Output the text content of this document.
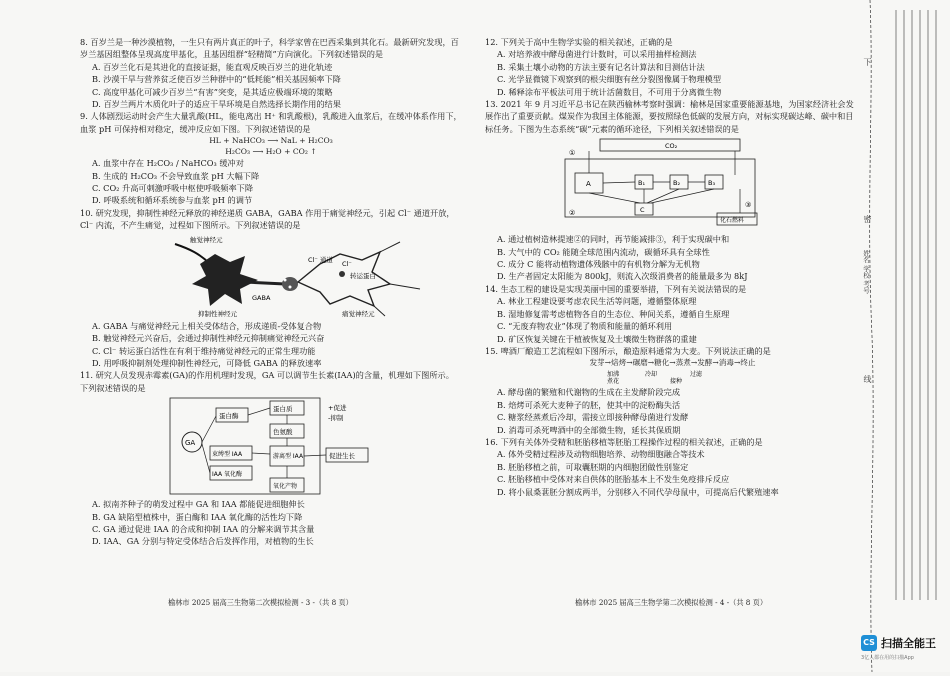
8. 百岁兰是一种沙漠植物，一生只有两片真正的叶子，科学家曾在巴西采集到其化石。最新研究发现，百岁兰基因组整体呈现高度甲基化，且基因组群“轻精简”方向演化。下列叙述错误的是

A. 百岁兰化石是其进化的直接证据，能直观反映百岁兰的进化轨迹

B. 沙漠干旱与营养贫乏使百岁兰种群中的“低耗能”相关基因频率下降

C. 高度甲基化可减少百岁兰“有害”突变，是其适应极端环境的策略

D. 百岁兰两片木质化叶子的适应干旱环境是自然选择长期作用的结果

9. 人体剧烈运动时会产生大量乳酸(HL，能电离出 H⁺ 和乳酸根)，乳酸进入血浆后，在缓冲体系作用下，血浆 pH 可保持相对稳定，缓冲反应如下图。下列叙述错误的是

HL + NaHCO₃ ⟶ NaL + H₂CO₃

H₂CO₃ ⟶ H₂O + CO₂ ↑

A. 血浆中存在 H₂CO₃ / NaHCO₃ 缓冲对

B. 生成的 H₂CO₃ 不会导致血浆 pH 大幅下降

C. CO₂ 升高可刺激呼吸中枢使呼吸频率下降

D. 呼吸系统和循环系统参与血浆 pH 的调节

10. 研究发现，抑制性神经元释放的神经递质 GABA，GABA 作用于痛觉神经元，引起 Cl⁻ 通道开放，Cl⁻ 内流，不产生痛觉，过程如下图所示。下列叙述错误的是

触觉神经元
GABA
抑制性神经元
Cl⁻ 通道 Cl⁻
转运蛋白
痛觉神经元

A. GABA 与痛觉神经元上相关受体结合，形成递质-受体复合物

B. 触觉神经元兴奋后，会通过抑制性神经元抑制痛觉神经元兴奋

C. Cl⁻ 转运蛋白活性在有利于维持痛觉神经元的正常生理功能

D. 用呼吸抑制剂处理抑制性神经元，可降低 GABA 的释放速率

11. 研究人员发现赤霉素(GA)的作用机理时发现，GA 可以调节生长素(IAA)的含量，机理如下图所示。下列叙述错误的是

GA
蛋白酶
蛋白质
色氨酸
束缚型 IAA	游离型 IAA	促进生长
IAA 氧化酶
氧化产物
+促进
-抑制

A. 拟南芥种子的萌发过程中 GA 和 IAA 都能促进细胞伸长

B. GA 缺陷型植株中，蛋白酶和 IAA 氧化酶的活性均下降

C. GA 通过促进 IAA 的合成和抑制 IAA 的分解来调节其含量

D. IAA、GA 分别与特定受体结合后发挥作用，对植物的生长

榆林市 2025 届高三生物第二次模拟检测 - 3 -（共 8 页）

12. 下列关于高中生物学实验的相关叙述，正确的是

A. 对培养液中酵母菌进行计数时，可以采用抽样检测法

B. 采集土壤小动物的方法主要有记名计算法和目测估计法

C. 光学显微镜下观察到的根尖细胞有丝分裂图像属于物理模型

D. 稀释涂布平板法可用于统计活菌数目，不可用于分离微生物

13. 2021 年 9 月习近平总书记在陕西榆林考察时强调：榆林是国家重要能源基地，为国家经济社会发展作出了重要贡献。煤炭作为我国主体能源，要按照绿色低碳的发展方向，对标实现碳达峰、碳中和目标任务。下图为生态系统“碳”元素的循环途径，下列相关叙述错误的是

CO₂
A	B₁	B₂	B₃
C
化石燃料
①
②
③

A. 通过植树造林提速②的同时，再节能减排③，利于实现碳中和

B. 大气中的 CO₂ 能随全球范围内流动，碳循环具有全球性

C. 成分 C 能将动植物遗体残骸中的有机物分解为无机物

D. 生产者固定太阳能为 800kJ，则流入次级消费者的能量最多为 8kJ

14. 生态工程的建设是实现美丽中国的重要举措，下列有关说法错误的是

A. 林业工程建设要考虑农民生活等问题，遵循整体原理

B. 湿地修复需考虑植物各自的生态位、种间关系，遵循自生原理

C. “无废弃物农业”体现了物质和能量的循环利用

D. 矿区恢复关键在于植被恢复及土壤微生物群落的重建

15. 啤酒厂酿造工艺流程如下图所示，酿造原料通常为大麦。下列说法正确的是

发芽→焙烤→碾磨→糖化→蒸煮→发酵→消毒→终止

加沸	冷却	过滤
煮花	接种

A. 酵母菌的繁殖和代谢物的生成在主发酵阶段完成

B. 焙烤可杀死大麦种子的胚，使其中的淀粉酶失活

C. 糖浆经蒸煮后冷却，需接立即接种酵母菌进行发酵

D. 消毒可杀死啤酒中的全部微生物，延长其保质期

16. 下列有关体外受精和胚胎移植等胚胎工程操作过程的相关叙述，正确的是

A. 体外受精过程涉及动物细胞培养、动物细胞融合等技术

B. 胚胎移植之前，可取囊胚期的内细胞团做性别鉴定

C. 胚胎移植中受体对来自供体的胚胎基本上不发生免疫排斥反应

D. 将小鼠桑葚胚分割成两半，分别移入不同代孕母鼠中，可提高后代繁殖速率

榆林市 2025 届高三生物学第二次模拟检测 - 4 -（共 8 页）
下
密
线
姓名 学校 考号
CS 扫描全能王
3亿人都在用的扫描App
